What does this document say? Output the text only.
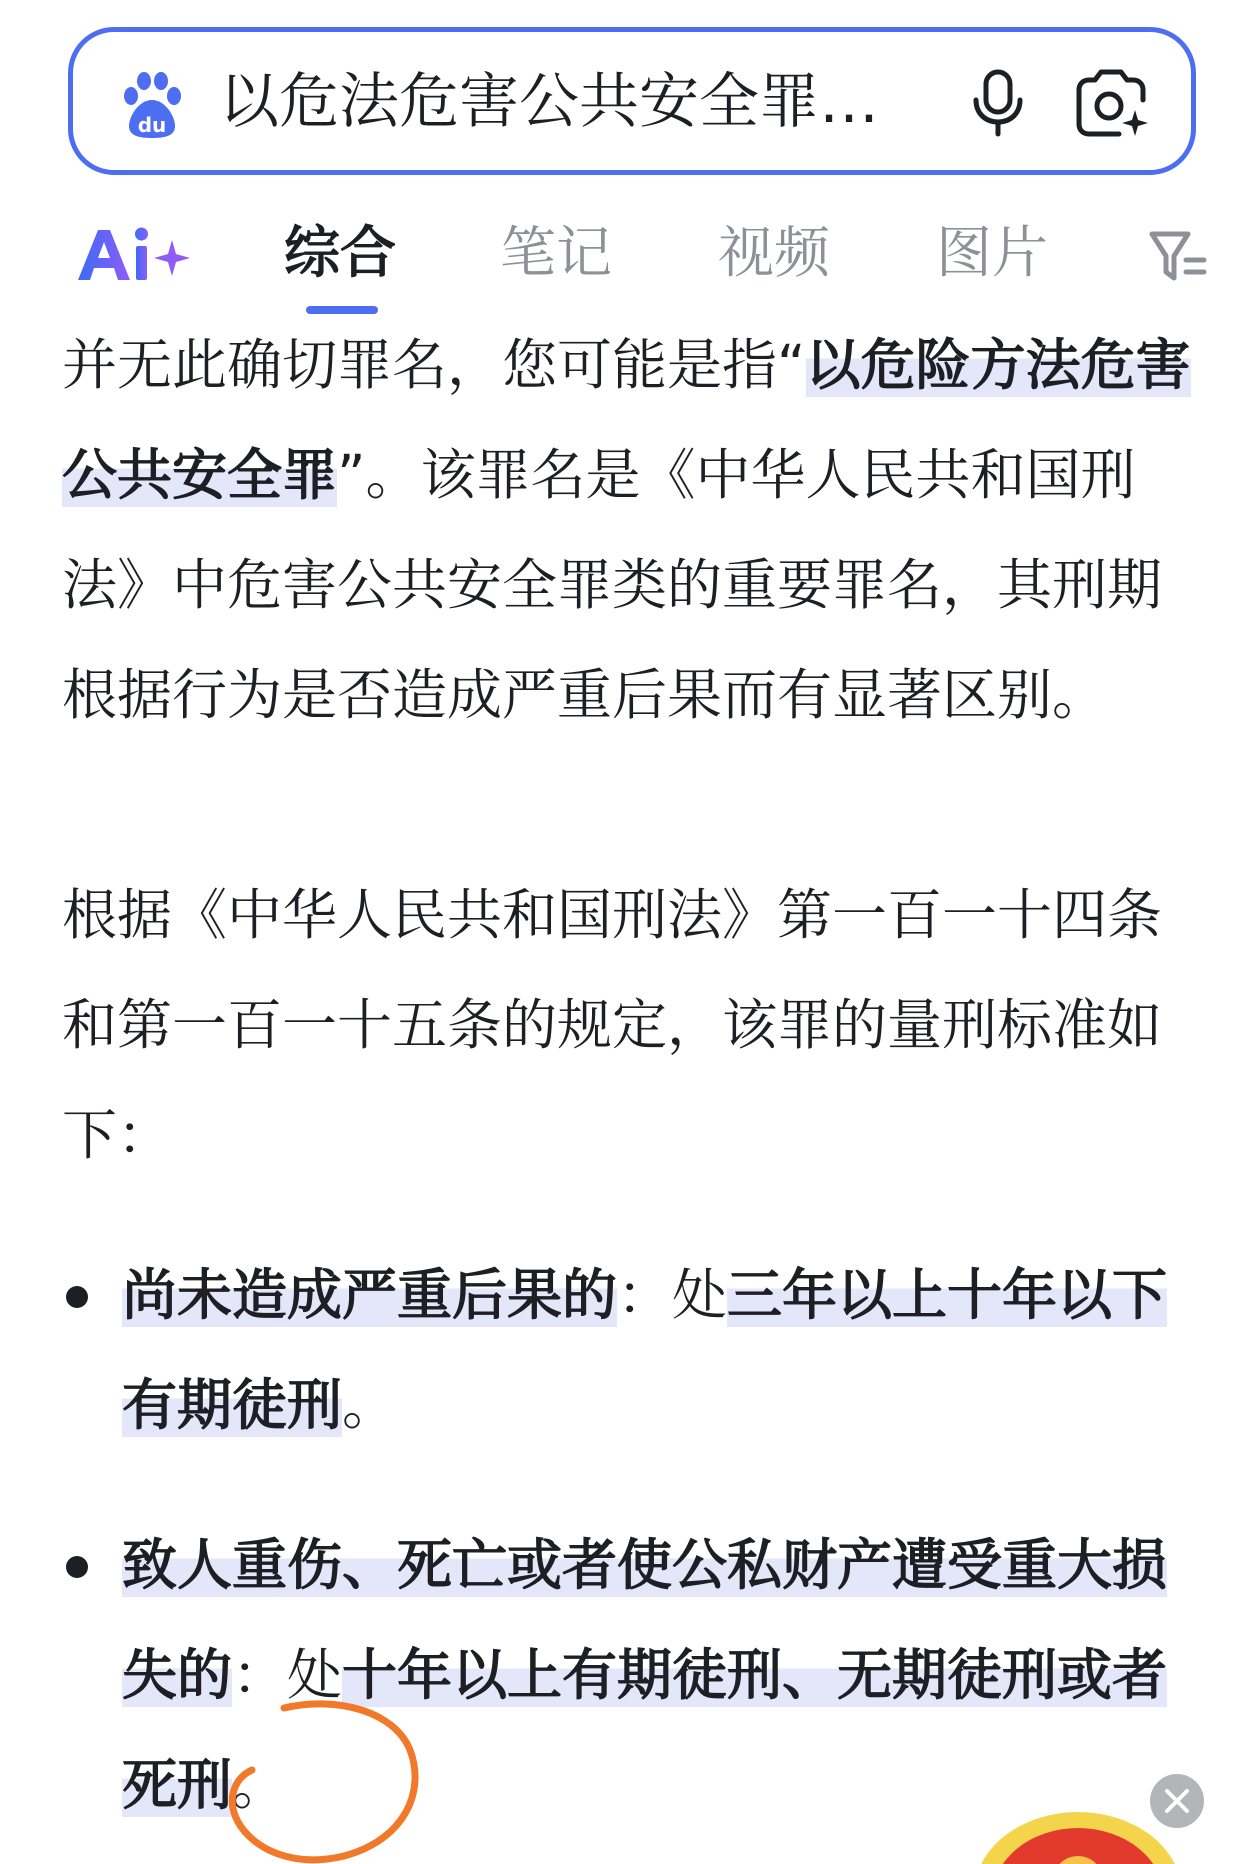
du 以危法危害公共安全罪…
综合 笔记 视频 图片

并无此确切罪名，您可能是指“以危险方法危害公共安全罪”。该罪名是《中华人民共和国刑法》中危害公共安全罪类的重要罪名，其刑期根据行为是否造成严重后果而有显著区别。

根据《中华人民共和国刑法》第一百一十四条和第一百一十五条的规定，该罪的量刑标准如下：

尚未造成严重后果的：处三年以上十年以下有期徒刑。
致人重伤、死亡或者使公私财产遭受重大损失的：处十年以上有期徒刑、无期徒刑或者死刑。
